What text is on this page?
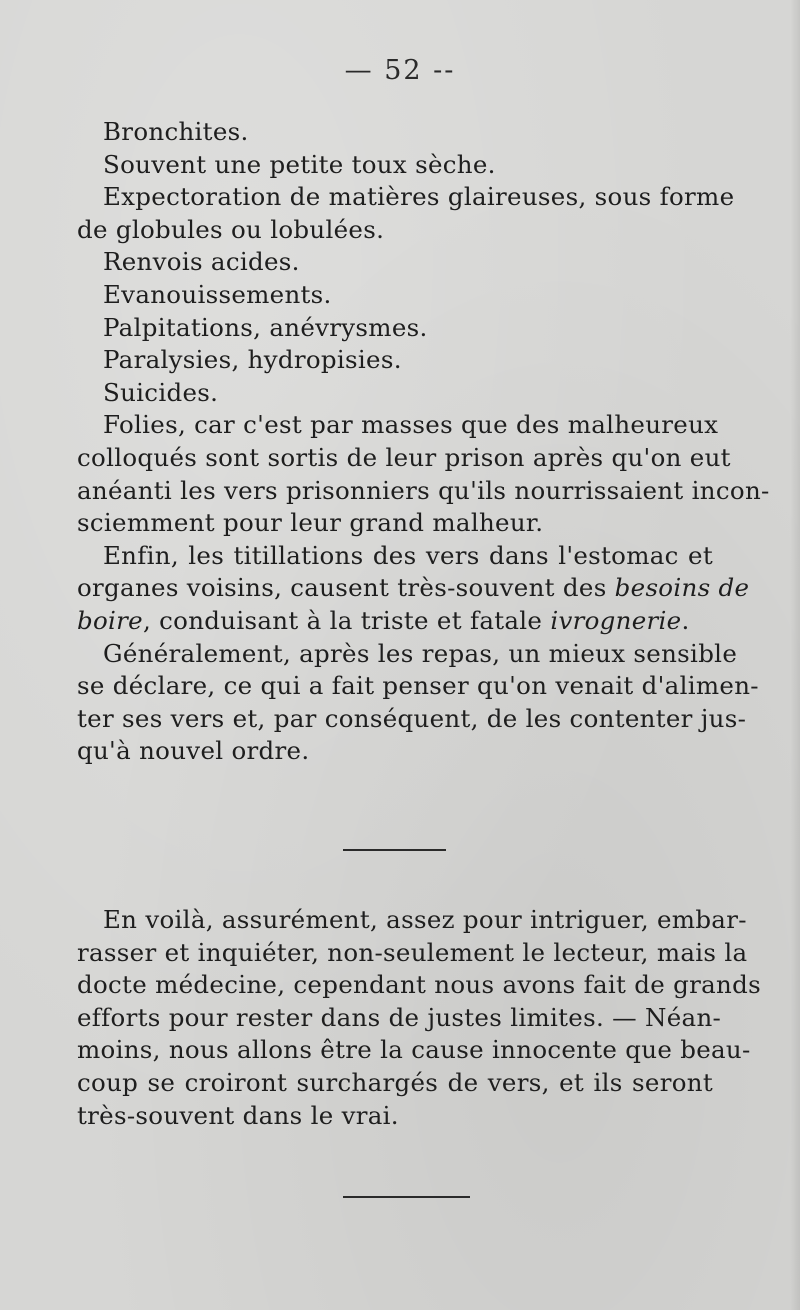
— 52 --
Bronchites.
Souvent une petite toux sèche.
Expectoration de matières glaireuses, sous forme
de globules ou lobulées.
Renvois acides.
Evanouissements.
Palpitations, anévrysmes.
Paralysies, hydropisies.
Suicides.
Folies, car c'est par masses que des malheureux
colloqués sont sortis de leur prison après qu'on eut
anéanti les vers prisonniers qu'ils nourrissaient incon-
sciemment pour leur grand malheur.
Enfin, les titillations des vers dans l'estomac et
organes voisins, causent très-souvent des besoins de
boire, conduisant à la triste et fatale ivrognerie.
Généralement, après les repas, un mieux sensible
se déclare, ce qui a fait penser qu'on venait d'alimen-
ter ses vers et, par conséquent, de les contenter jus-
qu'à nouvel ordre.
En voilà, assurément, assez pour intriguer, embar-
rasser et inquiéter, non-seulement le lecteur, mais la
docte médecine, cependant nous avons fait de grands
efforts pour rester dans de justes limites. — Néan-
moins, nous allons être la cause innocente que beau-
coup se croiront surchargés de vers, et ils seront
très-souvent dans le vrai.
